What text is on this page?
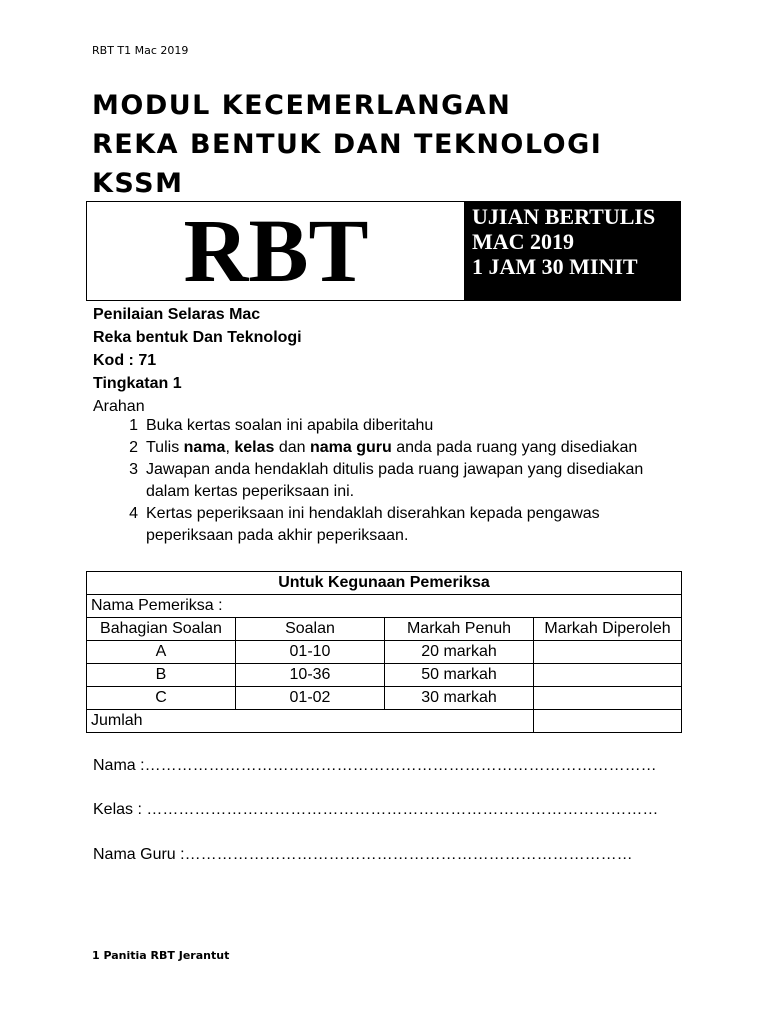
RBT T1 Mac 2019
MODUL KECEMERLANGAN
REKA BENTUK DAN TEKNOLOGI
KSSM
RBT	UJIAN BERTULIS
MAC 2019
1 JAM 30 MINIT
Penilaian Selaras Mac
Reka bentuk Dan Teknologi
Kod : 71
Tingkatan 1
Arahan
1 Buka kertas soalan ini apabila diberitahu
2 Tulis nama, kelas dan nama guru anda pada ruang yang disediakan
3 Jawapan anda hendaklah ditulis pada ruang jawapan yang disediakan dalam kertas peperiksaan ini.
4 Kertas peperiksaan ini hendaklah diserahkan kepada pengawas peperiksaan pada akhir peperiksaan.
Untuk Kegunaan Pemeriksa			
Nama Pemeriksa :			
Bahagian Soalan	Soalan	Markah Penuh	Markah Diperoleh
A	01-10	20 markah	
B	10-36	50 markah	
C	01-02	30 markah	
Jumlah			
Nama :……………………………………………………………………………………
Kelas : ……………………………………………………………………………………
Nama Guru :…………………………………………………………………………
1 Panitia RBT Jerantut
